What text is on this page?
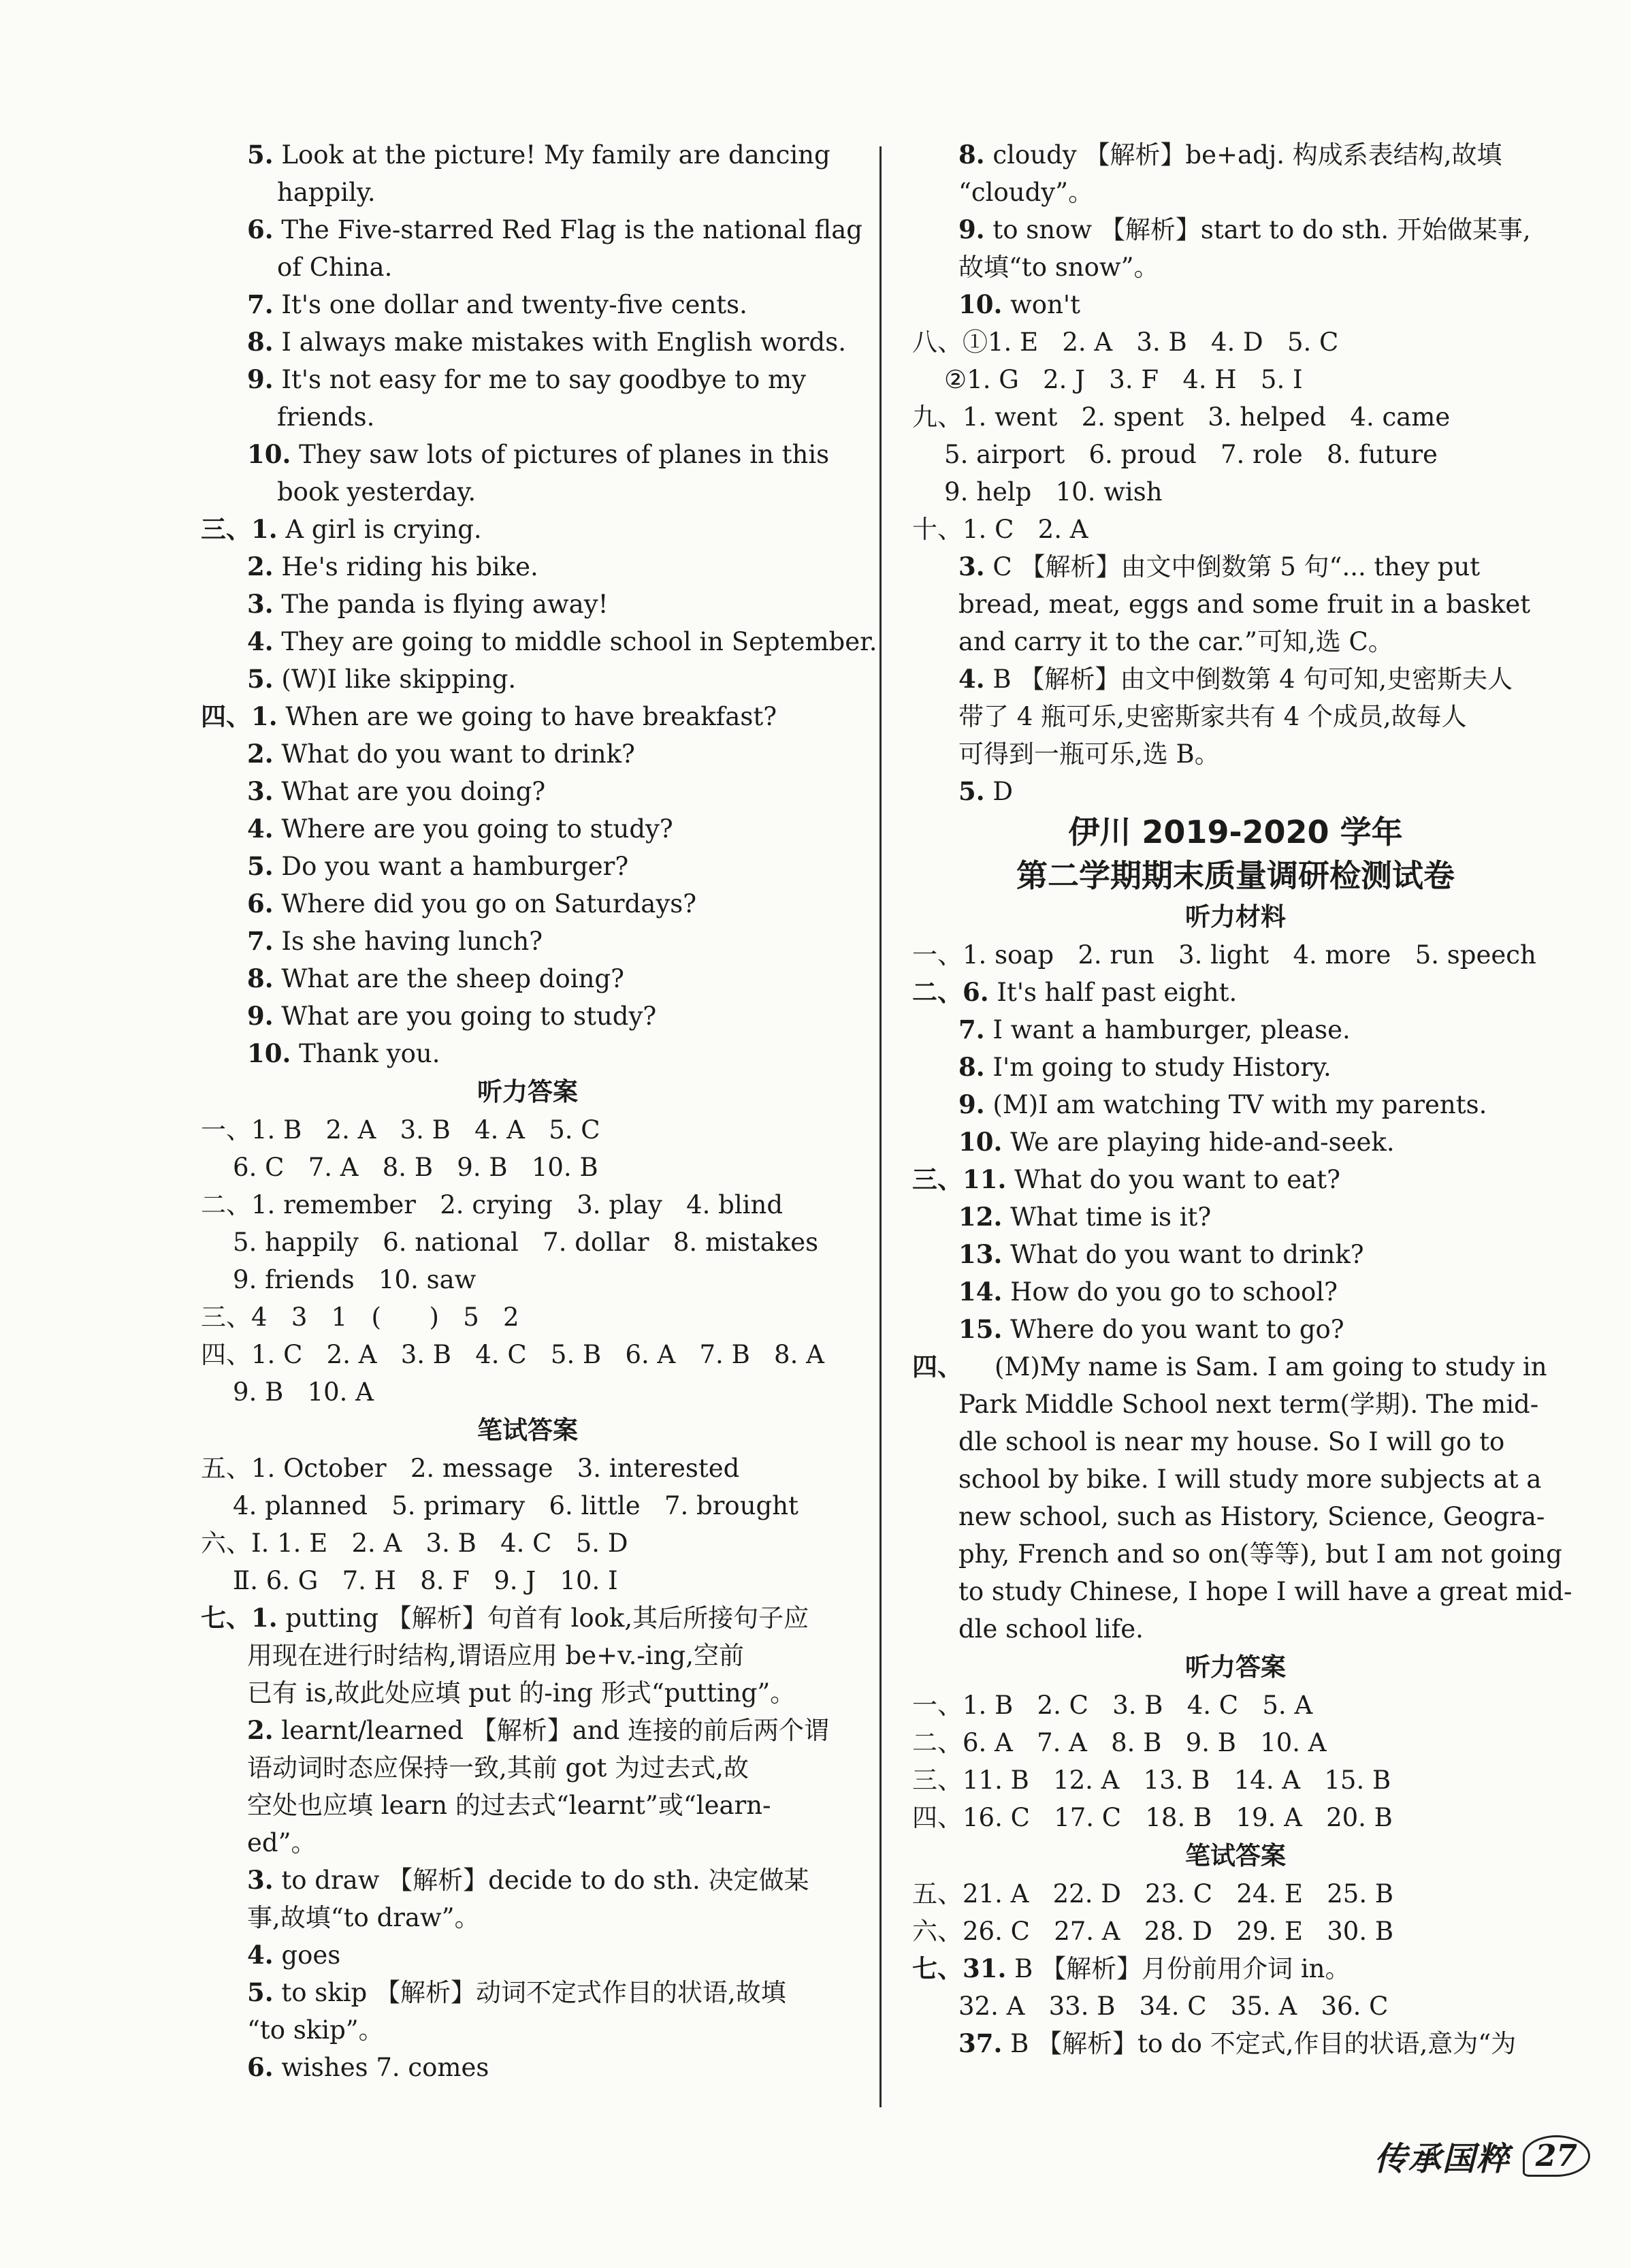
5. Look at the picture! My family are dancing
happily.
6. The Five-starred Red Flag is the national flag
of China.
7. It's one dollar and twenty-five cents.
8. I always make mistakes with English words.
9. It's not easy for me to say goodbye to my
friends.
10. They saw lots of pictures of planes in this
book yesterday.
三、1. A girl is crying.
2. He's riding his bike.
3. The panda is flying away!
4. They are going to middle school in September.
5. (W)I like skipping.
四、1. When are we going to have breakfast?
2. What do you want to drink?
3. What are you doing?
4. Where are you going to study?
5. Do you want a hamburger?
6. Where did you go on Saturdays?
7. Is she having lunch?
8. What are the sheep doing?
9. What are you going to study?
10. Thank you.
听力答案
一、1. B   2. A   3. B   4. A   5. C
6. C   7. A   8. B   9. B   10. B
二、1. remember   2. crying   3. play   4. blind
5. happily   6. national   7. dollar   8. mistakes
9. friends   10. saw
三、4   3   1   (      )   5   2
四、1. C   2. A   3. B   4. C   5. B   6. A   7. B   8. A
9. B   10. A
笔试答案
五、1. October   2. message   3. interested
4. planned   5. primary   6. little   7. brought
六、Ⅰ. 1. E   2. A   3. B   4. C   5. D
Ⅱ. 6. G   7. H   8. F   9. J   10. I
七、1. putting 【解析】句首有 look,其后所接句子应
用现在进行时结构,谓语应用 be+v.-ing,空前
已有 is,故此处应填 put 的-ing 形式“putting”。
2. learnt/learned 【解析】and 连接的前后两个谓
语动词时态应保持一致,其前 got 为过去式,故
空处也应填 learn 的过去式“learnt”或“learn-
ed”。
3. to draw 【解析】decide to do sth. 决定做某
事,故填“to draw”。
4. goes
5. to skip 【解析】动词不定式作目的状语,故填
“to skip”。
6. wishes 7. comes
8. cloudy 【解析】be+adj. 构成系表结构,故填
“cloudy”。
9. to snow 【解析】start to do sth. 开始做某事,
故填“to snow”。
10. won't
八、①1. E   2. A   3. B   4. D   5. C
②1. G   2. J   3. F   4. H   5. I
九、1. went   2. spent   3. helped   4. came
5. airport   6. proud   7. role   8. future
9. help   10. wish
十、1. C   2. A
3. C 【解析】由文中倒数第 5 句“... they put
bread, meat, eggs and some fruit in a basket
and carry it to the car.”可知,选 C。
4. B 【解析】由文中倒数第 4 句可知,史密斯夫人
带了 4 瓶可乐,史密斯家共有 4 个成员,故每人
可得到一瓶可乐,选 B。
5. D
伊川 2019-2020 学年
第二学期期末质量调研检测试卷
听力材料
一、1. soap   2. run   3. light   4. more   5. speech
二、6. It's half past eight.
7. I want a hamburger, please.
8. I'm going to study History.
9. (M)I am watching TV with my parents.
10. We are playing hide-and-seek.
三、11. What do you want to eat?
12. What time is it?
13. What do you want to drink?
14. How do you go to school?
15. Where do you want to go?
四、    (M)My name is Sam. I am going to study in
Park Middle School next term(学期). The mid-
dle school is near my house. So I will go to
school by bike. I will study more subjects at a
new school, such as History, Science, Geogra-
phy, French and so on(等等), but I am not going
to study Chinese, I hope I will have a great mid-
dle school life.
听力答案
一、1. B   2. C   3. B   4. C   5. A
二、6. A   7. A   8. B   9. B   10. A
三、11. B   12. A   13. B   14. A   15. B
四、16. C   17. C   18. B   19. A   20. B
笔试答案
五、21. A   22. D   23. C   24. E   25. B
六、26. C   27. A   28. D   29. E   30. B
七、31. B 【解析】月份前用介词 in。
32. A   33. B   34. C   35. A   36. C
37. B 【解析】to do 不定式,作目的状语,意为“为
传承国粹 27
